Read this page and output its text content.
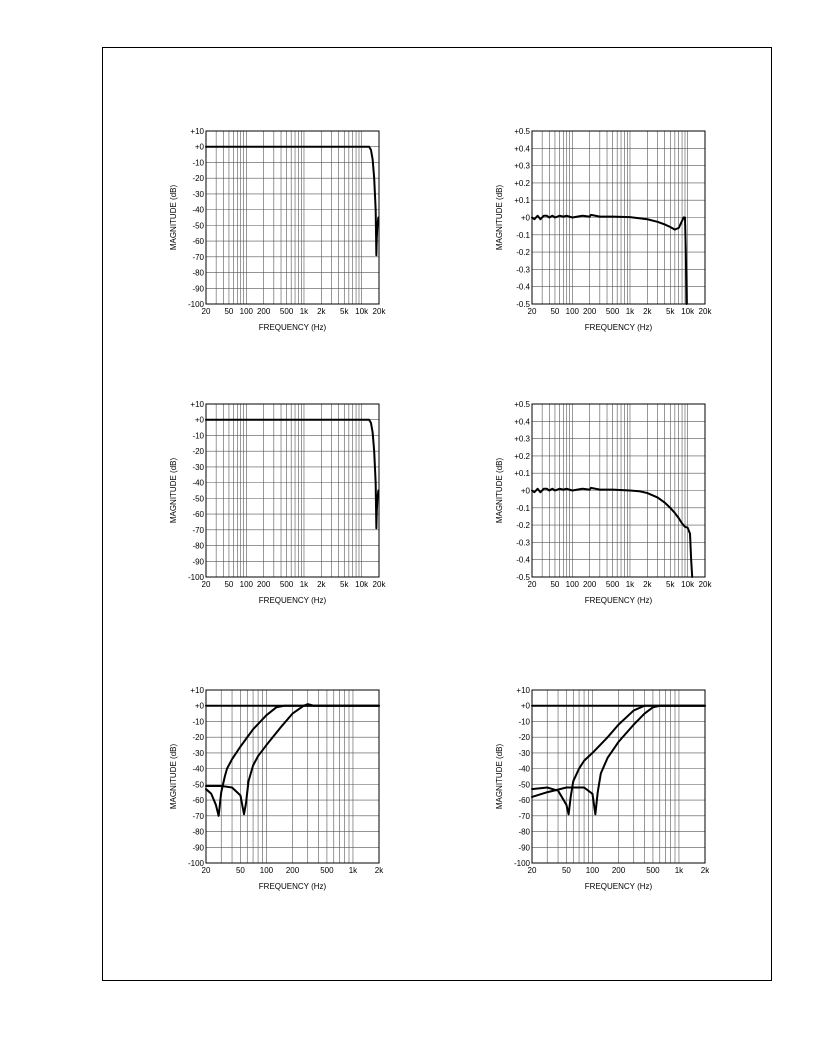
+10
+0
-10
-20
-30
-40
-50
-60
-70
-80
-90
-100
20 50 100 200 500 1k 2k 5k 10k 20k
FREQUENCY (Hz)
MAGNITUDE (dB)
+0.5
+0.4
+0.3
+0.2
+0.1
+0
-0.1
-0.2
-0.3
-0.4
-0.5
20 50 100 200 500 1k 2k 5k 10k 20k
FREQUENCY (Hz)
MAGNITUDE (dB)
+10
+0
-10
-20
-30
-40
-50
-60
-70
-80
-90
-100
20 50 100 200 500 1k 2k 5k 10k 20k
FREQUENCY (Hz)
MAGNITUDE (dB)
+0.5
+0.4
+0.3
+0.2
+0.1
+0
-0.1
-0.2
-0.3
-0.4
-0.5
20 50 100 200 500 1k 2k 5k 10k 20k
FREQUENCY (Hz)
MAGNITUDE (dB)
+10
+0
-10
-20
-30
-40
-50
-60
-70
-80
-90
-100
20	50 100 200	500 1k 2k
FREQUENCY (Hz)
MAGNITUDE (dB)
+10
+0
-10
-20
-30
-40
-50
-60
-70
-80
-90
-100
20	50 100 200	500 1k 2k
FREQUENCY (Hz)
MAGNITUDE (dB)
